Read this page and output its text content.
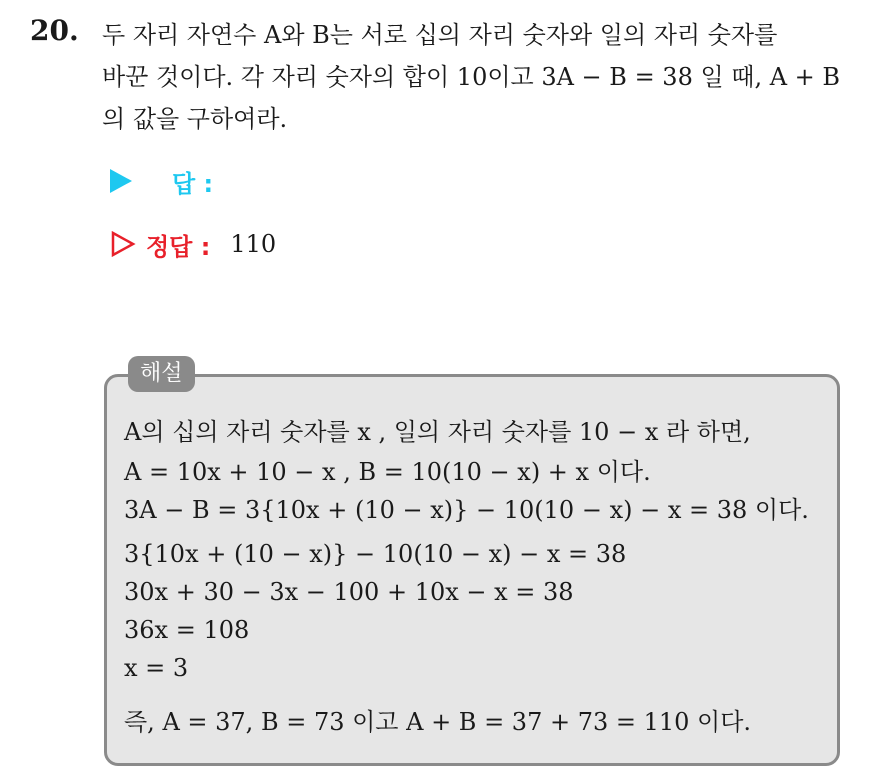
20. 두 자리 자연수 A와 B는 서로 십의 자리 숫자와 일의 자리 숫자를
바꾼 것이다. 각 자리 숫자의 합이 10이고 3A − B = 38 일 때, A + B
의 값을 구하여라.
답 :
정답 : 110
해설
A의 십의 자리 숫자를 x , 일의 자리 숫자를 10 − x 라 하면,
A = 10x + 10 − x , B = 10(10 − x) + x 이다.
3A − B = 3{10x + (10 − x)} − 10(10 − x) − x = 38 이다.
3{10x + (10 − x)} − 10(10 − x) − x = 38
30x + 30 − 3x − 100 + 10x − x = 38
36x = 108
x = 3
즉, A = 37, B = 73 이고 A + B = 37 + 73 = 110 이다.
